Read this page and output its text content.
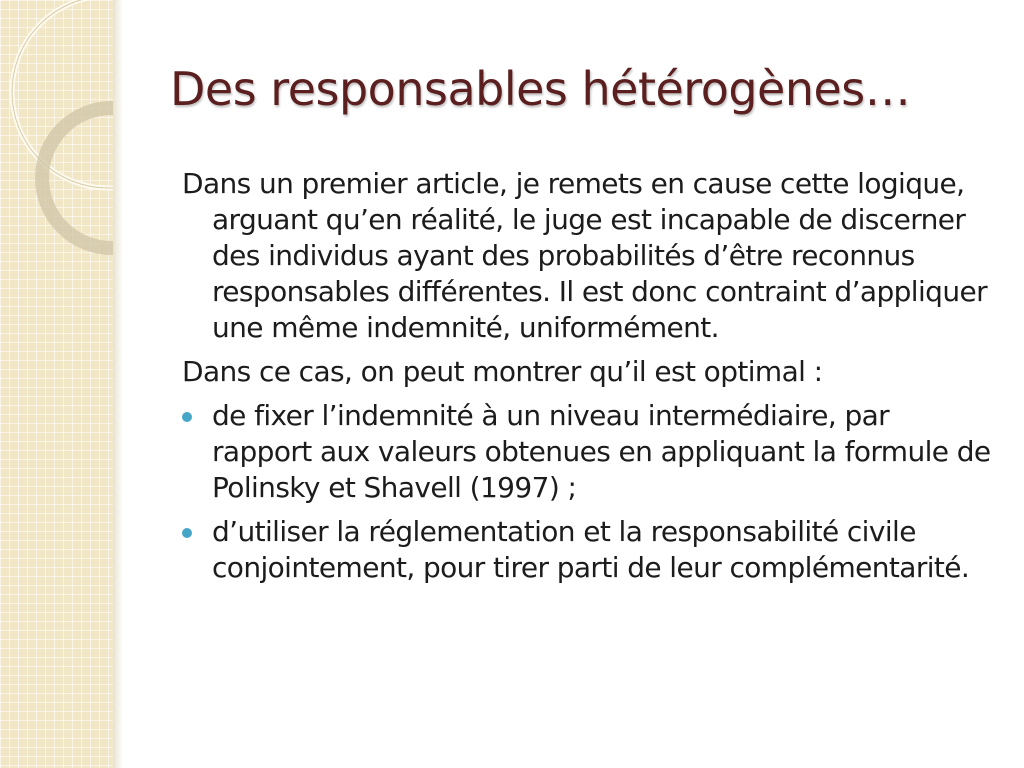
Des responsables hétérogènes…

Dans un premier article, je remets en cause cette logique, arguant qu’en réalité, le juge est incapable de discerner des individus ayant des probabilités d’être reconnus responsables différentes. Il est donc contraint d’appliquer une même indemnité, uniformément.

Dans ce cas, on peut montrer qu’il est optimal :

de fixer l’indemnité à un niveau intermédiaire, par rapport aux valeurs obtenues en appliquant la formule de Polinsky et Shavell (1997) ;
d’utiliser la réglementation et la responsabilité civile conjointement, pour tirer parti de leur complémentarité.
